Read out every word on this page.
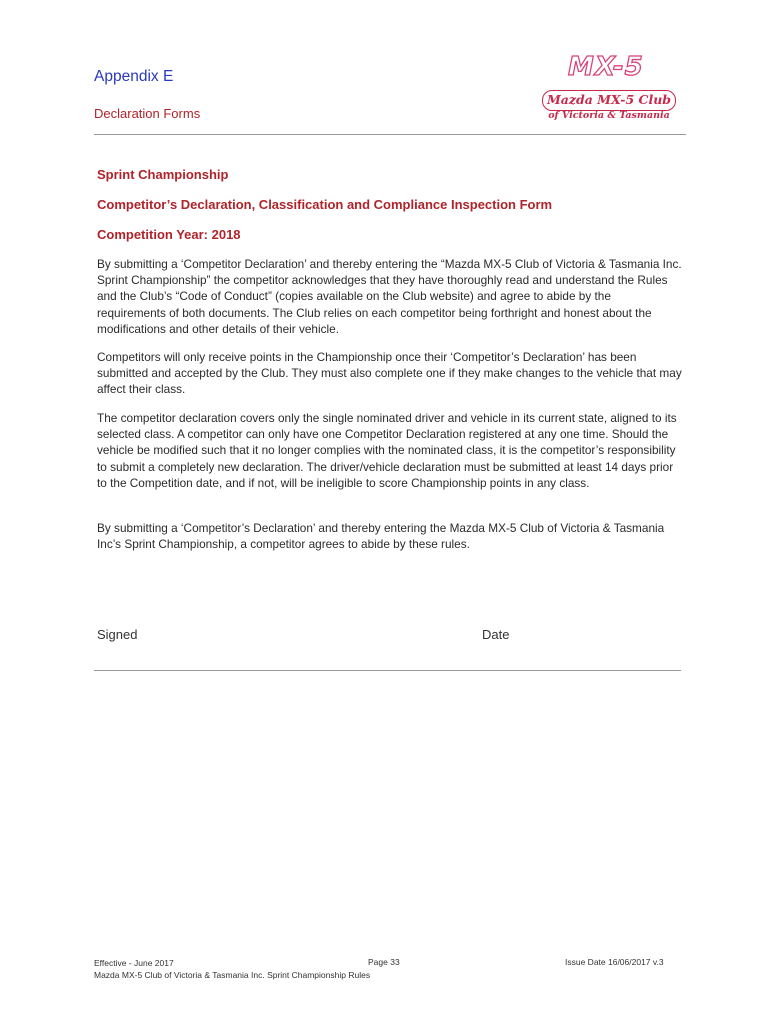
Appendix E
Declaration Forms
MX-5
Mazda MX-5 Club
of Victoria & Tasmania
Sprint Championship
Competitor’s Declaration, Classification and Compliance Inspection Form
Competition Year: 2018

By submitting a ‘Competitor Declaration’ and thereby entering the “Mazda MX-5 Club of Victoria & Tasmania Inc. Sprint Championship” the competitor acknowledges that they have thoroughly read and understand the Rules and the Club’s “Code of Conduct” (copies available on the Club website) and agree to abide by the requirements of both documents. The Club relies on each competitor being forthright and honest about the modifications and other details of their vehicle.

Competitors will only receive points in the Championship once their ‘Competitor’s Declaration’ has been submitted and accepted by the Club. They must also complete one if they make changes to the vehicle that may affect their class.

The competitor declaration covers only the single nominated driver and vehicle in its current state, aligned to its selected class. A competitor can only have one Competitor Declaration registered at any one time. Should the vehicle be modified such that it no longer complies with the nominated class, it is the competitor’s responsibility to submit a completely new declaration. The driver/vehicle declaration must be submitted at least 14 days prior to the Competition date, and if not, will be ineligible to score Championship points in any class.

By submitting a ‘Competitor’s Declaration’ and thereby entering the Mazda MX-5 Club of Victoria & Tasmania Inc’s Sprint Championship, a competitor agrees to abide by these rules.

Signed	Date
Effective - June 2017
Mazda MX-5 Club of Victoria & Tasmania Inc. Sprint Championship Rules
Page 33	Issue Date 16/06/2017 v.3
